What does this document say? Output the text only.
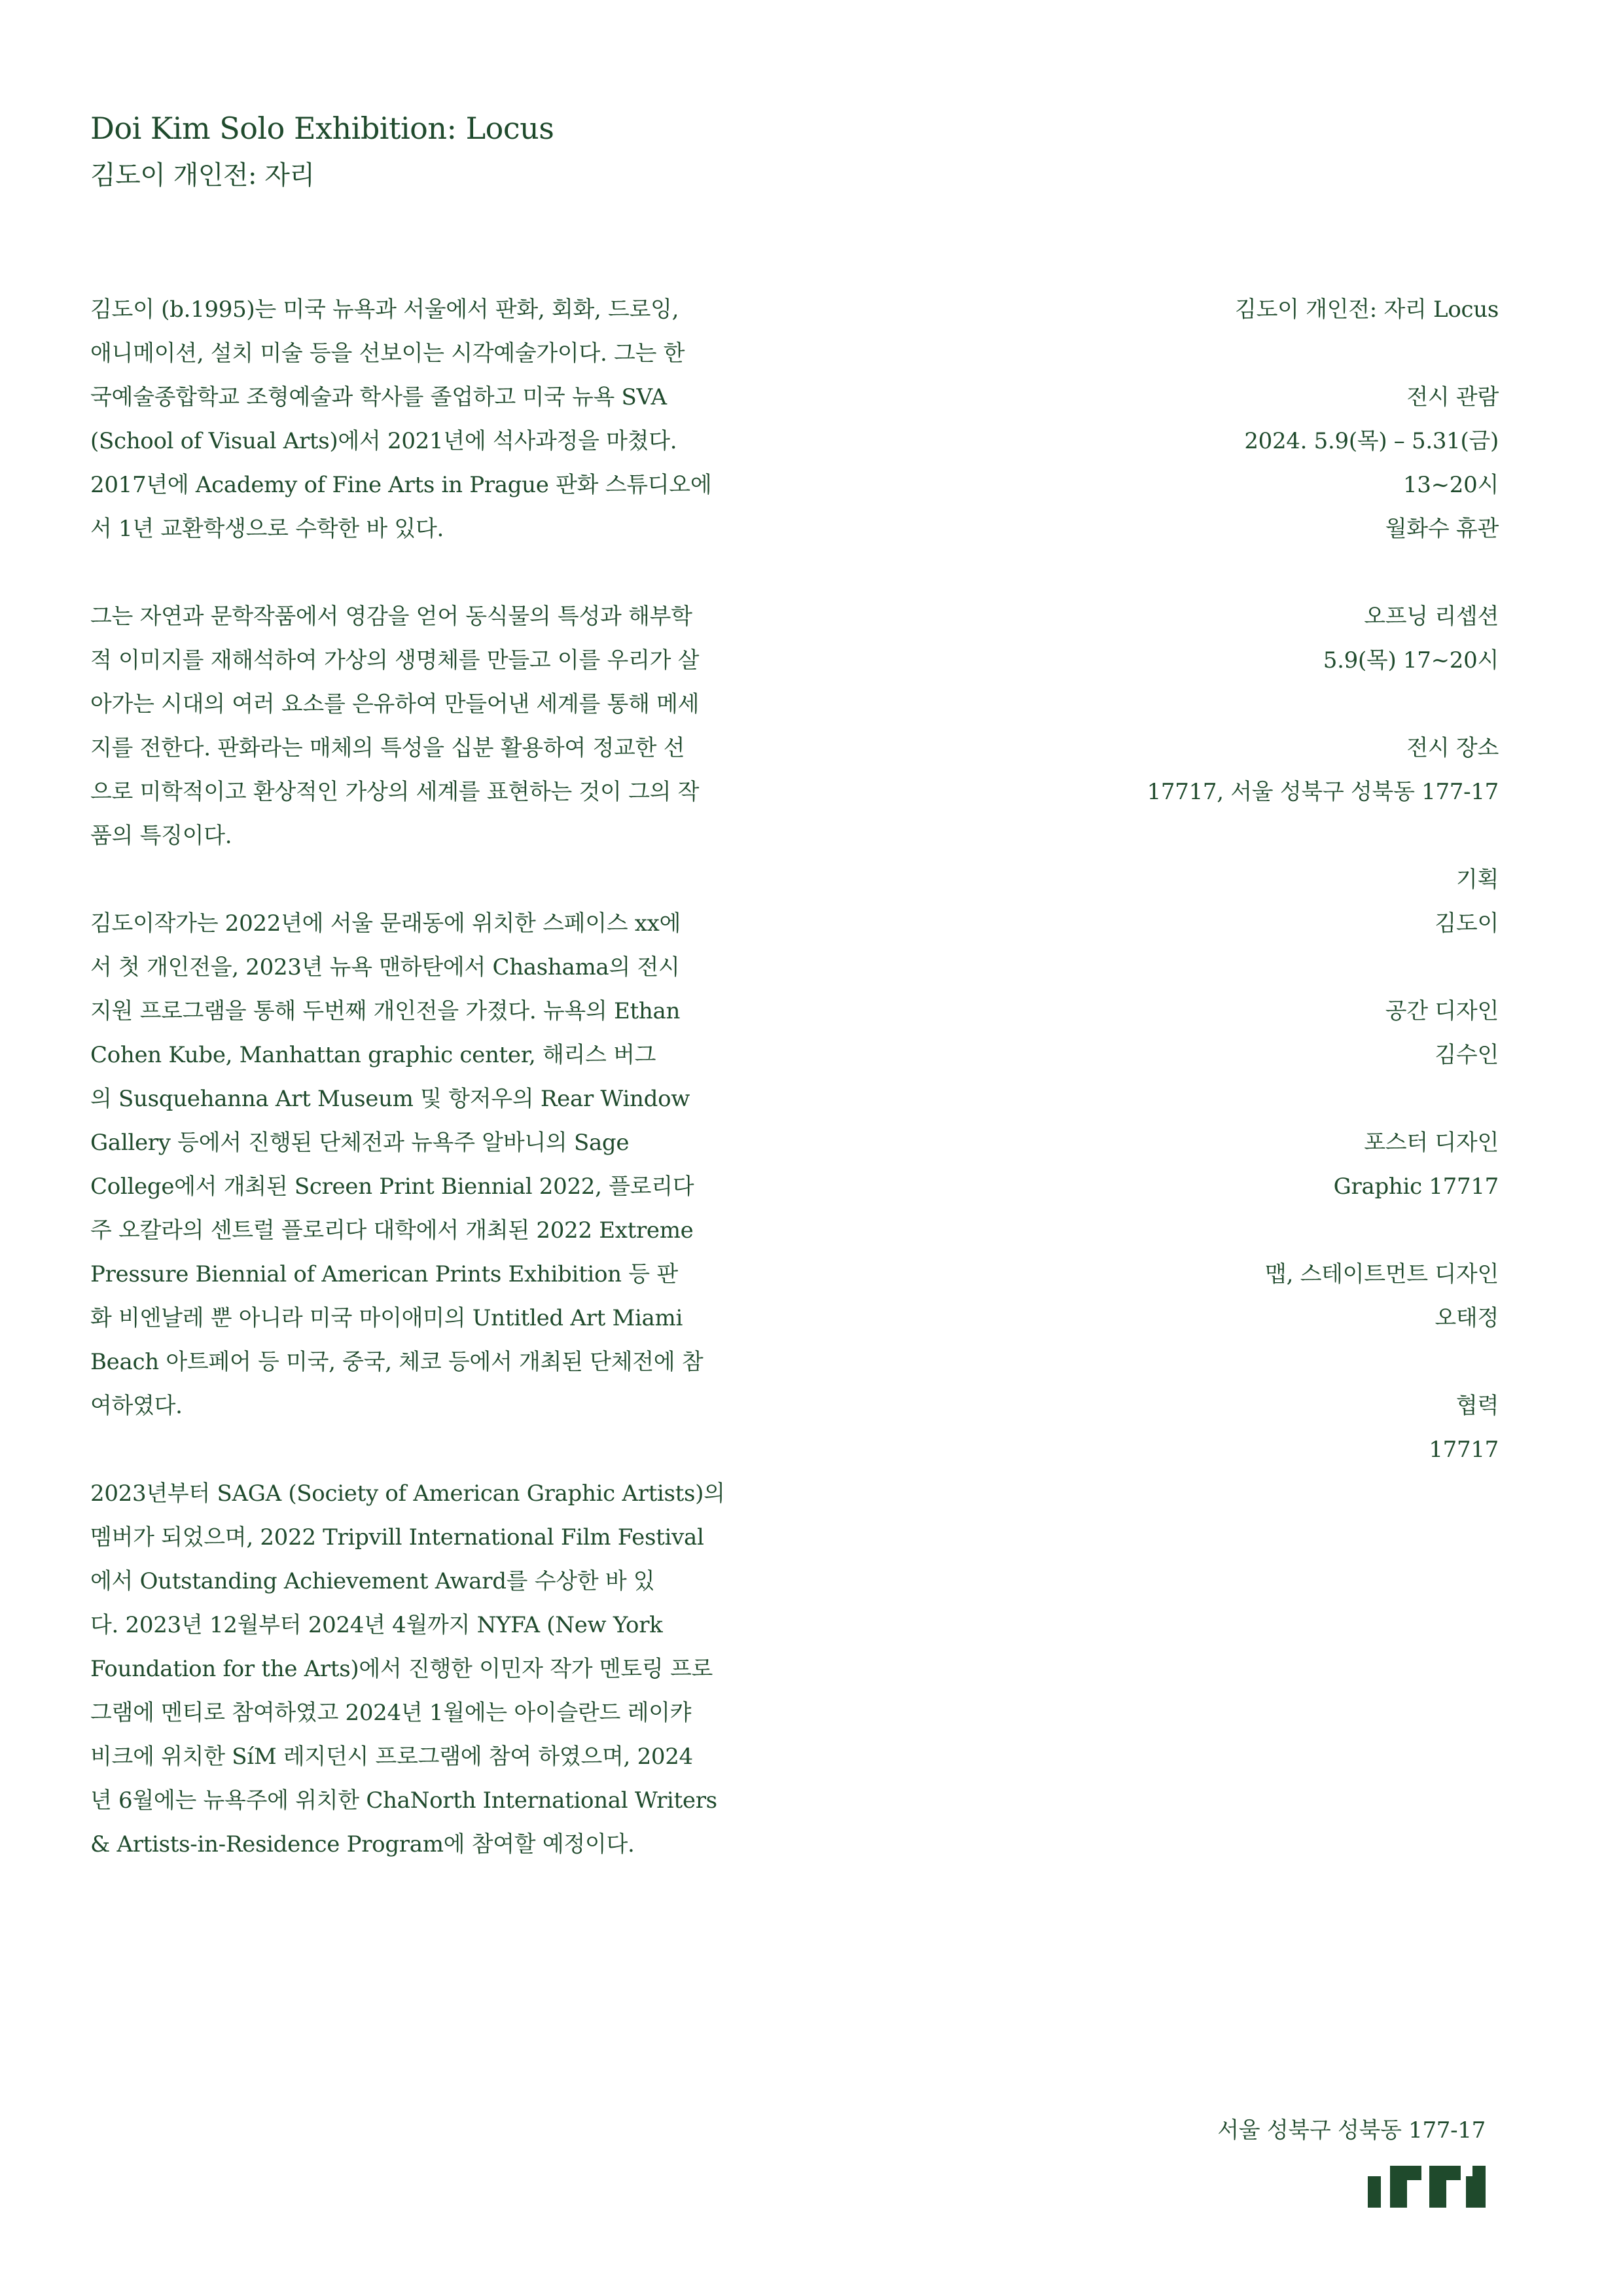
Doi Kim Solo Exhibition: Locus
김도이 개인전: 자리
김도이 (b.1995)는 미국 뉴욕과 서울에서 판화, 회화, 드로잉,
애니메이션, 설치 미술 등을 선보이는 시각예술가이다. 그는 한
국예술종합학교 조형예술과 학사를 졸업하고 미국 뉴욕 SVA
(School of Visual Arts)에서 2021년에 석사과정을 마쳤다.
2017년에 Academy of Fine Arts in Prague 판화 스튜디오에
서 1년 교환학생으로 수학한 바 있다.
그는 자연과 문학작품에서 영감을 얻어 동식물의 특성과 해부학
적 이미지를 재해석하여 가상의 생명체를 만들고 이를 우리가 살
아가는 시대의 여러 요소를 은유하여 만들어낸 세계를 통해 메세
지를 전한다. 판화라는 매체의 특성을 십분 활용하여 정교한 선
으로 미학적이고 환상적인 가상의 세계를 표현하는 것이 그의 작
품의 특징이다.
김도이작가는 2022년에 서울 문래동에 위치한 스페이스 xx에
서 첫 개인전을, 2023년 뉴욕 맨하탄에서 Chashama의 전시
지원 프로그램을 통해 두번째 개인전을 가졌다. 뉴욕의 Ethan
Cohen Kube, Manhattan graphic center, 해리스 버그
의 Susquehanna Art Museum 및 항저우의 Rear Window
Gallery 등에서 진행된 단체전과 뉴욕주 알바니의 Sage
College에서 개최된 Screen Print Biennial 2022, 플로리다
주 오칼라의 센트럴 플로리다 대학에서 개최된 2022 Extreme
Pressure Biennial of American Prints Exhibition 등 판
화 비엔날레 뿐 아니라 미국 마이애미의 Untitled Art Miami
Beach 아트페어 등 미국, 중국, 체코 등에서 개최된 단체전에 참
여하였다.
2023년부터 SAGA (Society of American Graphic Artists)의
멤버가 되었으며, 2022 Tripvill International Film Festival
에서 Outstanding Achievement Award를 수상한 바 있
다. 2023년 12월부터 2024년 4월까지 NYFA (New York
Foundation for the Arts)에서 진행한 이민자 작가 멘토링 프로
그램에 멘티로 참여하였고 2024년 1월에는 아이슬란드 레이캬
비크에 위치한 SíM 레지던시 프로그램에 참여 하였으며, 2024
년 6월에는 뉴욕주에 위치한 ChaNorth International Writers
& Artists-in-Residence Program에 참여할 예정이다.
김도이 개인전: 자리 Locus
전시 관람
2024. 5.9(목) – 5.31(금)
13~20시
월화수 휴관
오프닝 리셉션
5.9(목) 17~20시
전시 장소
17717, 서울 성북구 성북동 177-17
기획
김도이
공간 디자인
김수인
포스터 디자인
Graphic 17717
맵, 스테이트먼트 디자인
오태정
협력
17717
서울 성북구 성북동 177-17
